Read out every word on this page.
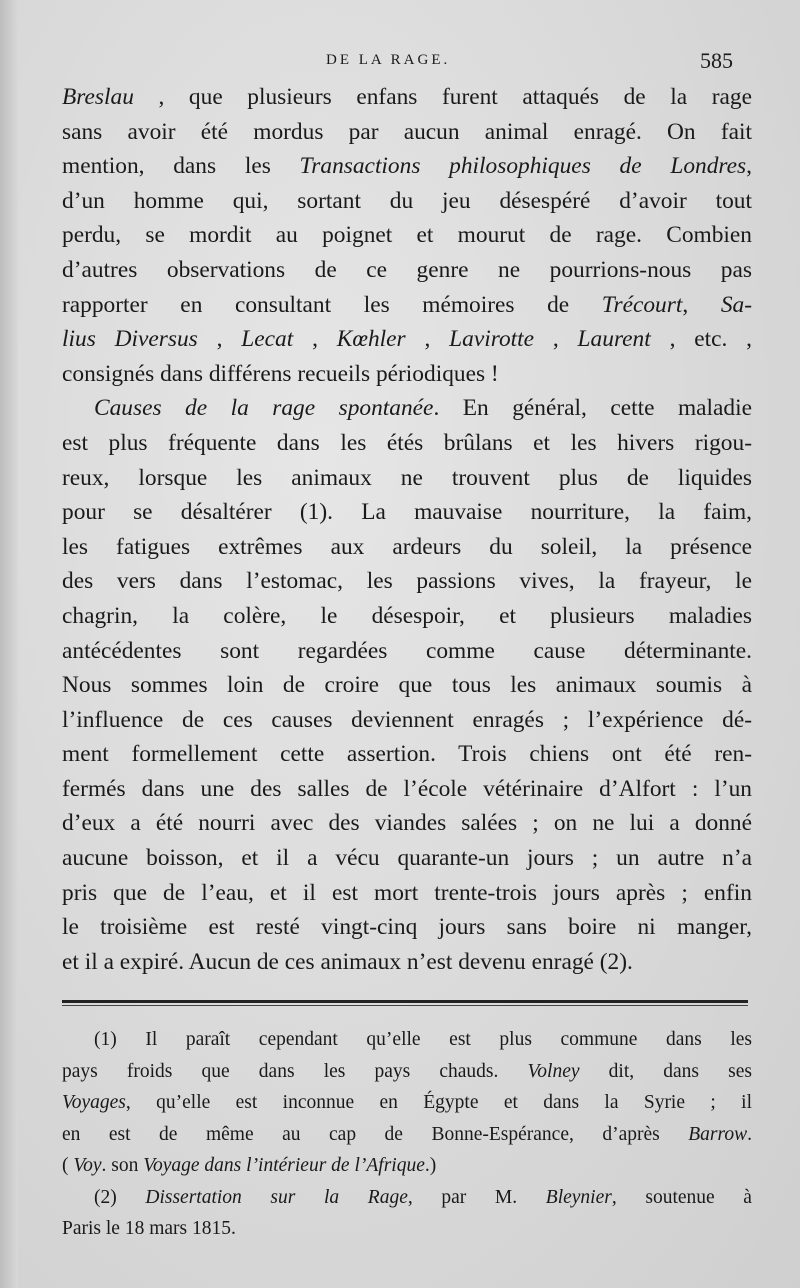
DE LA RAGE.	585

Breslau , que plusieurs enfans furent attaqués de la rage

sans avoir été mordus par aucun animal enragé. On fait

mention, dans les Transactions philosophiques de Londres,

d’un homme qui, sortant du jeu désespéré d’avoir tout

perdu, se mordit au poignet et mourut de rage. Combien

d’autres observations de ce genre ne pourrions-nous pas

rapporter en consultant les mémoires de Trécourt, Sa-

lius Diversus , Lecat , Kœhler , Lavirotte , Laurent , etc. ,

consignés dans différens recueils périodiques !

Causes de la rage spontanée. En général, cette maladie

est plus fréquente dans les étés brûlans et les hivers rigou-

reux, lorsque les animaux ne trouvent plus de liquides

pour se désaltérer (1). La mauvaise nourriture, la faim,

les fatigues extrêmes aux ardeurs du soleil, la présence

des vers dans l’estomac, les passions vives, la frayeur, le

chagrin, la colère, le désespoir, et plusieurs maladies

antécédentes sont regardées comme cause déterminante.

Nous sommes loin de croire que tous les animaux soumis à

l’influence de ces causes deviennent enragés ; l’expérience dé-

ment formellement cette assertion. Trois chiens ont été ren-

fermés dans une des salles de l’école vétérinaire d’Alfort : l’un

d’eux a été nourri avec des viandes salées ; on ne lui a donné

aucune boisson, et il a vécu quarante-un jours ; un autre n’a

pris que de l’eau, et il est mort trente-trois jours après ; enfin

le troisième est resté vingt-cinq jours sans boire ni manger,

et il a expiré. Aucun de ces animaux n’est devenu enragé (2).

(1) Il paraît cependant qu’elle est plus commune dans les

pays froids que dans les pays chauds. Volney dit, dans ses

Voyages, qu’elle est inconnue en Égypte et dans la Syrie ; il

en est de même au cap de Bonne-Espérance, d’après Barrow.

( Voy. son Voyage dans l’intérieur de l’Afrique.)

(2) Dissertation sur la Rage, par M. Bleynier, soutenue à

Paris le 18 mars 1815.
